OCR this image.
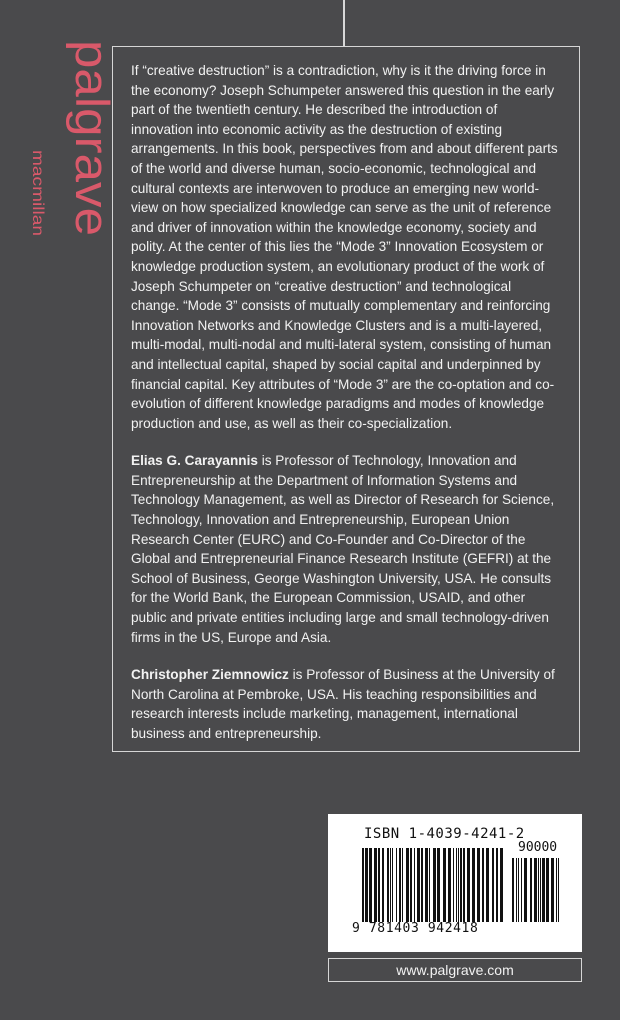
palgrave
macmillan

If “creative destruction” is a contradiction, why is it the driving force in the economy? Joseph Schumpeter answered this question in the early part of the twentieth century. He described the introduction of innovation into economic activity as the destruction of existing arrangements. In this book, perspectives from and about different parts of the world and diverse human, socio-economic, technological and cultural contexts are interwoven to produce an emerging new world-view on how specialized knowledge can serve as the unit of reference and driver of innovation within the knowledge economy, society and polity. At the center of this lies the “Mode 3” Innovation Ecosystem or knowledge production system, an evolutionary product of the work of Joseph Schumpeter on “creative destruction” and technological change. “Mode 3” consists of mutually complementary and reinforcing Innovation Networks and Knowledge Clusters and is a multi-layered, multi-modal, multi-nodal and multi-lateral system, consisting of human and intellectual capital, shaped by social capital and underpinned by financial capital. Key attributes of “Mode 3” are the co-optation and co-evolution of different knowledge paradigms and modes of knowledge production and use, as well as their co-specialization.

Elias G. Carayannis is Professor of Technology, Innovation and Entrepreneurship at the Department of Information Systems and Technology Management, as well as Director of Research for Science, Technology, Innovation and Entrepreneurship, European Union Research Center (EURC) and Co-Founder and Co-Director of the Global and Entrepreneurial Finance Research Institute (GEFRI) at the School of Business, George Washington University, USA. He consults for the World Bank, the European Commission, USAID, and other public and private entities including large and small technology-driven firms in the US, Europe and Asia.

Christopher Ziemnowicz is Professor of Business at the University of North Carolina at Pembroke, USA. His teaching responsibilities and research interests include marketing, management, international business and entrepreneurship.

ISBN 1-4039-4241-2
90000
9 781403 942418
www.palgrave.com
